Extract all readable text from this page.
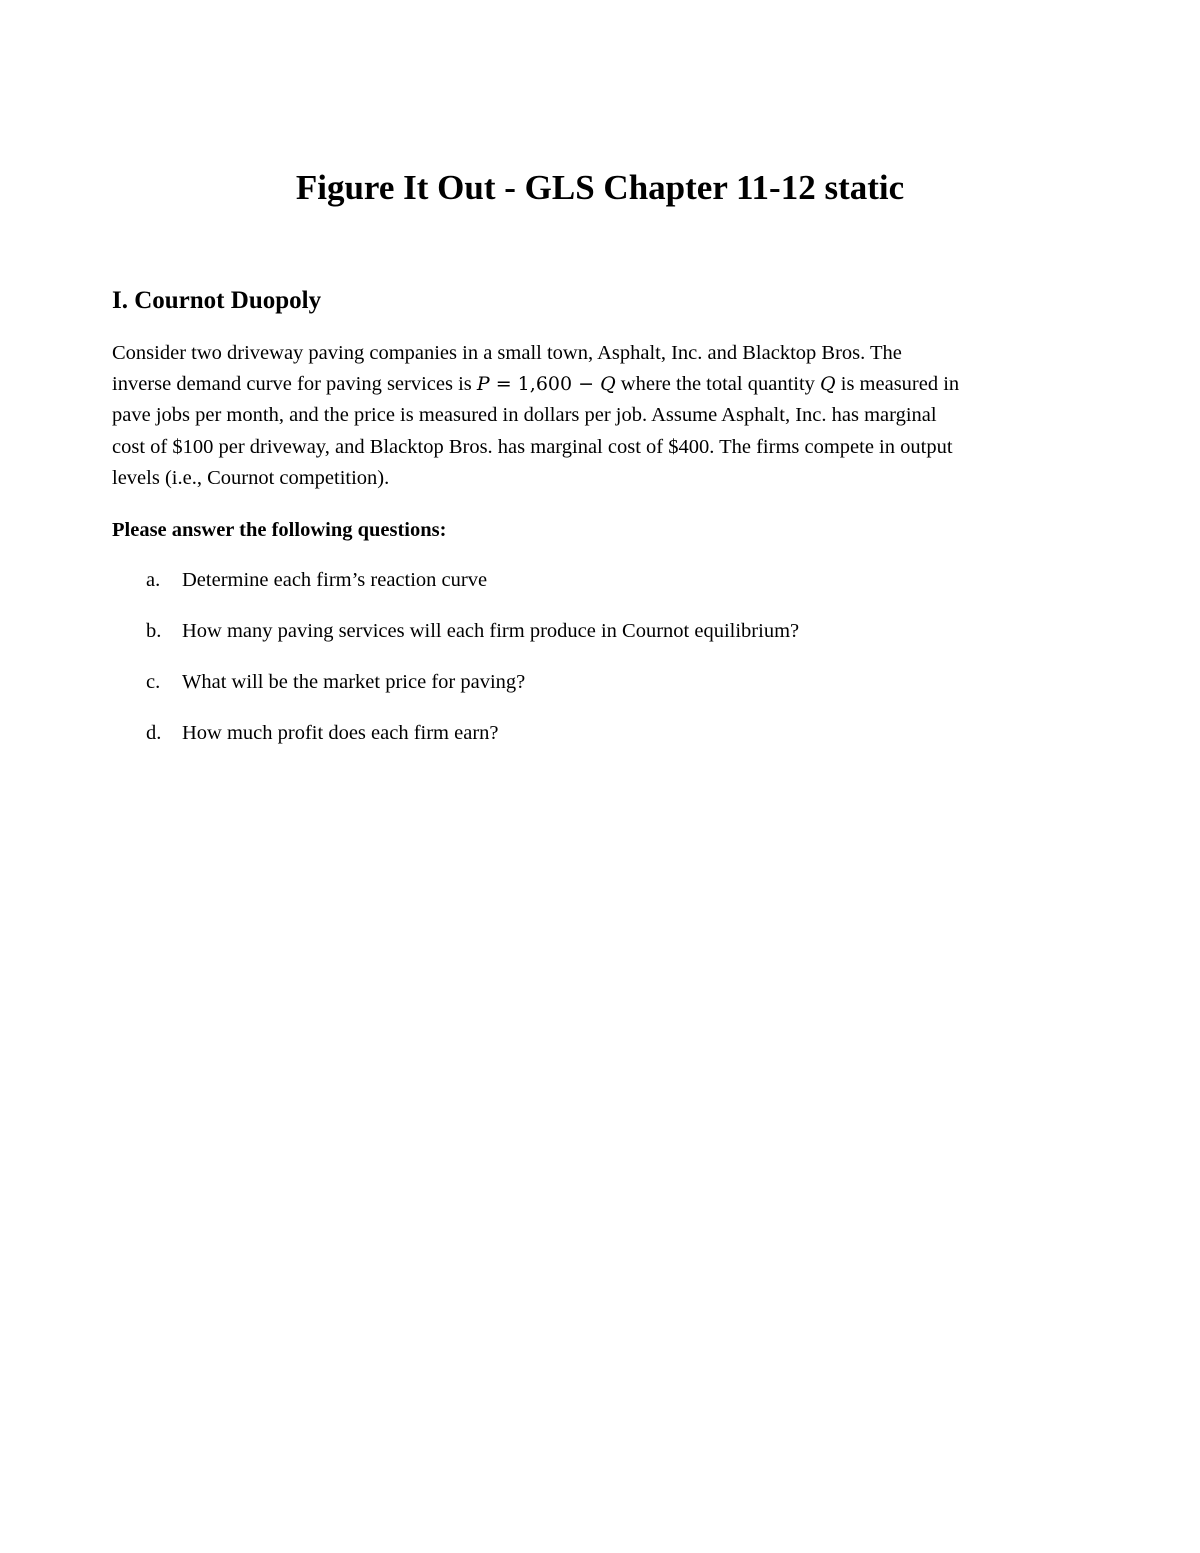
Figure It Out - GLS Chapter 11-12 static
I. Cournot Duopoly

Consider two driveway paving companies in a small town, Asphalt, Inc. and Blacktop Bros. The
inverse demand curve for paving services is P = 1,600 − Q where the total quantity Q is measured in
pave jobs per month, and the price is measured in dollars per job. Assume Asphalt, Inc. has marginal
cost of $100 per driveway, and Blacktop Bros. has marginal cost of $400. The firms compete in output
levels (i.e., Cournot competition).

Please answer the following questions:

a. Determine each firm’s reaction curve
b. How many paving services will each firm produce in Cournot equilibrium?
c. What will be the market price for paving?
d. How much profit does each firm earn?
